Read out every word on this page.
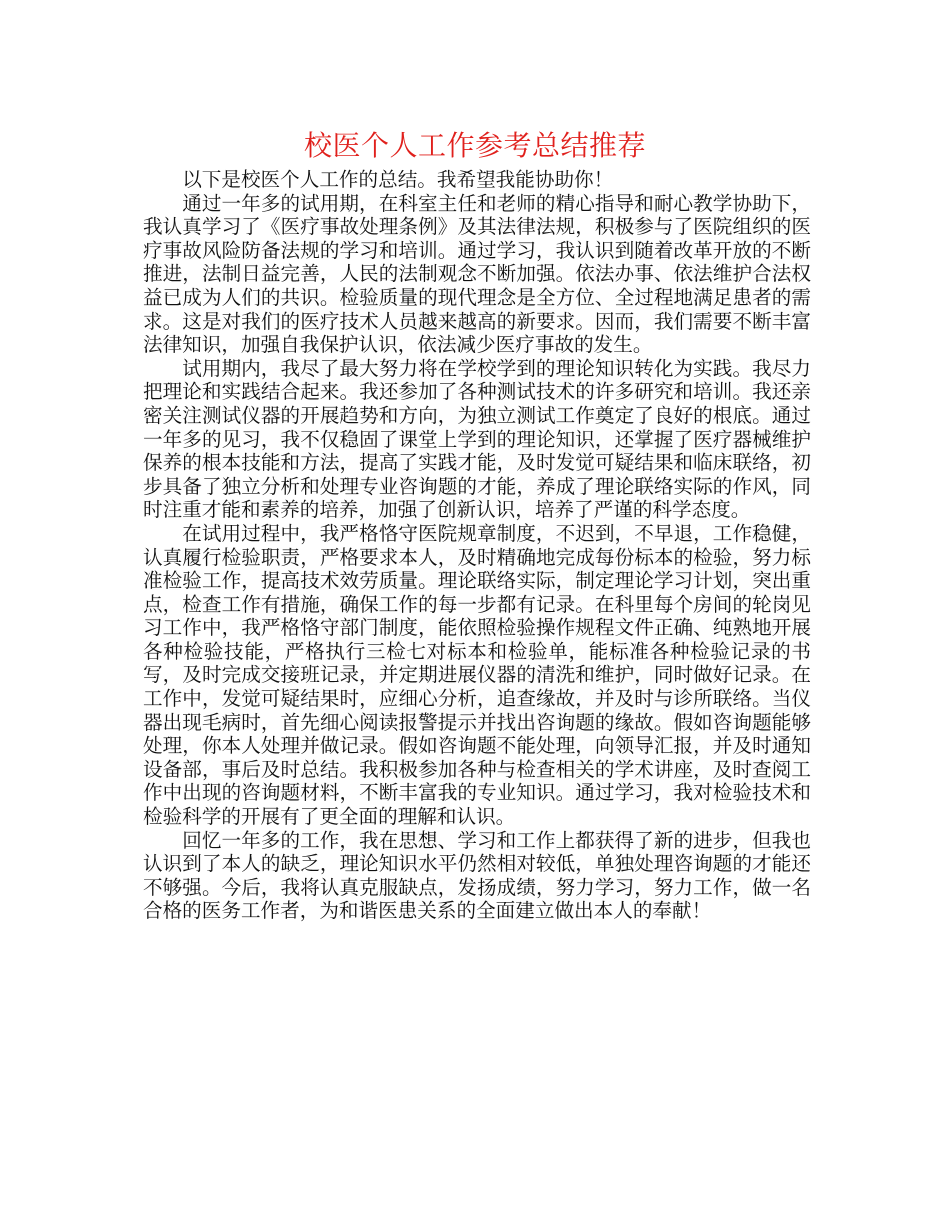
校医个人工作参考总结推荐

以下是校医个人工作的总结。我希望我能协助你！

通过一年多的试用期，在科室主任和老师的精心指导和耐心教学协助下，我认真学习了《医疗事故处理条例》及其法律法规，积极参与了医院组织的医疗事故风险防备法规的学习和培训。通过学习，我认识到随着改革开放的不断推进，法制日益完善，人民的法制观念不断加强。依法办事、依法维护合法权益已成为人们的共识。检验质量的现代理念是全方位、全过程地满足患者的需求。这是对我们的医疗技术人员越来越高的新要求。因而，我们需要不断丰富法律知识，加强自我保护认识，依法减少医疗事故的发生。

试用期内，我尽了最大努力将在学校学到的理论知识转化为实践。我尽力把理论和实践结合起来。我还参加了各种测试技术的许多研究和培训。我还亲密关注测试仪器的开展趋势和方向，为独立测试工作奠定了良好的根底。通过一年多的见习，我不仅稳固了课堂上学到的理论知识，还掌握了医疗器械维护保养的根本技能和方法，提高了实践才能，及时发觉可疑结果和临床联络，初步具备了独立分析和处理专业咨询题的才能，养成了理论联络实际的作风，同时注重才能和素养的培养，加强了创新认识，培养了严谨的科学态度。

在试用过程中，我严格恪守医院规章制度，不迟到，不早退，工作稳健，认真履行检验职责，严格要求本人，及时精确地完成每份标本的检验，努力标准检验工作，提高技术效劳质量。理论联络实际，制定理论学习计划，突出重点，检查工作有措施，确保工作的每一步都有记录。在科里每个房间的轮岗见习工作中，我严格恪守部门制度，能依照检验操作规程文件正确、纯熟地开展各种检验技能，严格执行三检七对标本和检验单，能标准各种检验记录的书写，及时完成交接班记录，并定期进展仪器的清洗和维护，同时做好记录。在工作中，发觉可疑结果时，应细心分析，追查缘故，并及时与诊所联络。当仪器出现毛病时，首先细心阅读报警提示并找出咨询题的缘故。假如咨询题能够处理，你本人处理并做记录。假如咨询题不能处理，向领导汇报，并及时通知设备部，事后及时总结。我积极参加各种与检查相关的学术讲座，及时查阅工作中出现的咨询题材料，不断丰富我的专业知识。通过学习，我对检验技术和检验科学的开展有了更全面的理解和认识。

回忆一年多的工作，我在思想、学习和工作上都获得了新的进步，但我也认识到了本人的缺乏，理论知识水平仍然相对较低，单独处理咨询题的才能还不够强。今后，我将认真克服缺点，发扬成绩，努力学习，努力工作，做一名合格的医务工作者，为和谐医患关系的全面建立做出本人的奉献！
